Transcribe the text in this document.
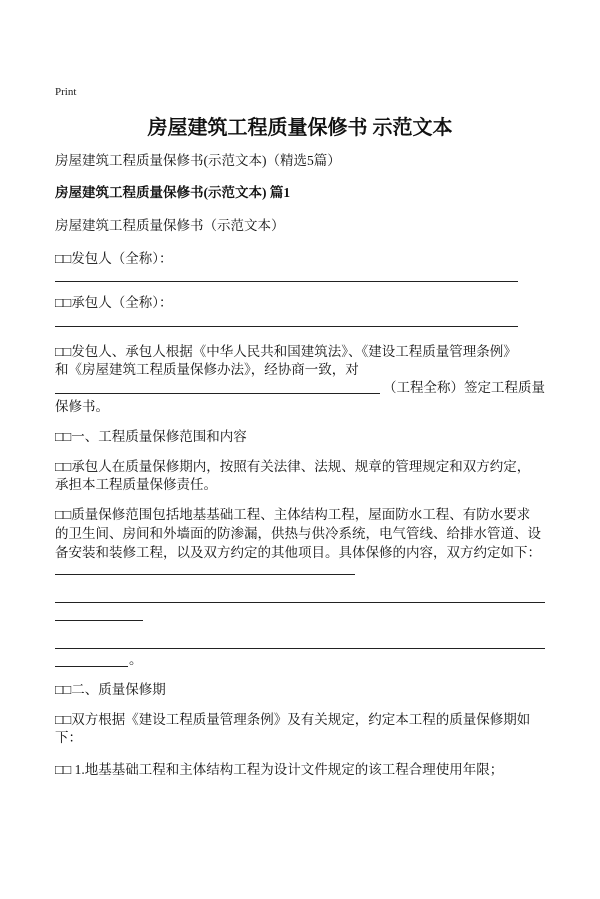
Print
房屋建筑工程质量保修书 示范文本
房屋建筑工程质量保修书(示范文本)（精选5篇）
房屋建筑工程质量保修书(示范文本) 篇1
房屋建筑工程质量保修书（示范文本）
□□发包人（全称）：
□□承包人（全称）：
□□发包人、承包人根据《中华人民共和国建筑法》、《建设工程质量管理条例》
和《房屋建筑工程质量保修办法》，经协商一致，对
（工程全称）签定工程质量
保修书。
□□一、工程质量保修范围和内容
□□承包人在质量保修期内，按照有关法律、法规、规章的管理规定和双方约定，
承担本工程质量保修责任。
□□质量保修范围包括地基基础工程、主体结构工程，屋面防水工程、有防水要求
的卫生间、房间和外墙面的防渗漏，供热与供冷系统，电气管线、给排水管道、设
备安装和装修工程，以及双方约定的其他项目。具体保修的内容，双方约定如下：
。
□□二、质量保修期
□□双方根据《建设工程质量管理条例》及有关规定，约定本工程的质量保修期如
下：
□□ 1.地基基础工程和主体结构工程为设计文件规定的该工程合理使用年限；
